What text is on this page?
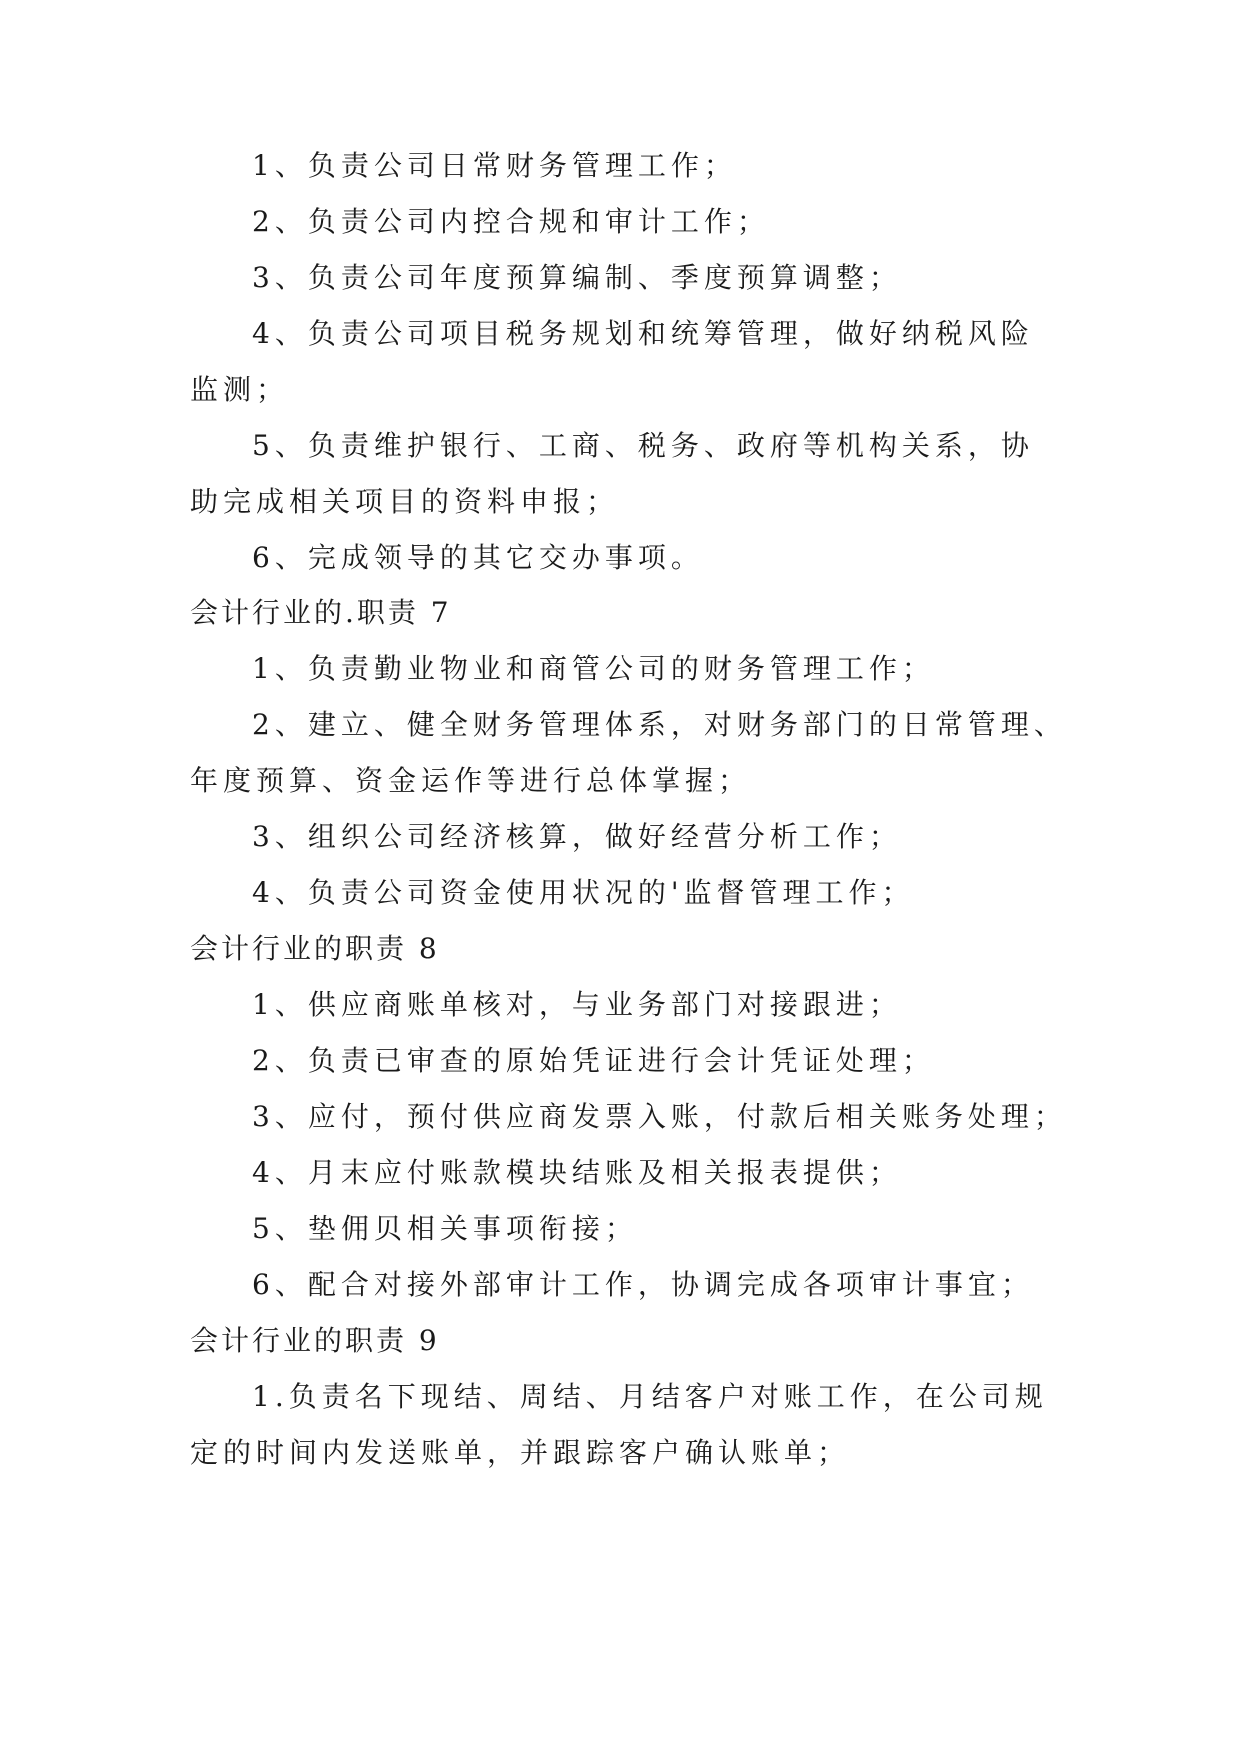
1、负责公司日常财务管理工作；
2、负责公司内控合规和审计工作；
3、负责公司年度预算编制、季度预算调整；
4、负责公司项目税务规划和统筹管理，做好纳税风险
监测；
5、负责维护银行、工商、税务、政府等机构关系，协
助完成相关项目的资料申报；
6、完成领导的其它交办事项。
会计行业的.职责 7
1、负责勤业物业和商管公司的财务管理工作；
2、建立、健全财务管理体系，对财务部门的日常管理、
年度预算、资金运作等进行总体掌握；
3、组织公司经济核算，做好经营分析工作；
4、负责公司资金使用状况的'监督管理工作；
会计行业的职责 8
1、供应商账单核对，与业务部门对接跟进；
2、负责已审查的原始凭证进行会计凭证处理；
3、应付，预付供应商发票入账，付款后相关账务处理；
4、月末应付账款模块结账及相关报表提供；
5、垫佣贝相关事项衔接；
6、配合对接外部审计工作，协调完成各项审计事宜；
会计行业的职责 9
1.负责名下现结、周结、月结客户对账工作，在公司规
定的时间内发送账单，并跟踪客户确认账单；
